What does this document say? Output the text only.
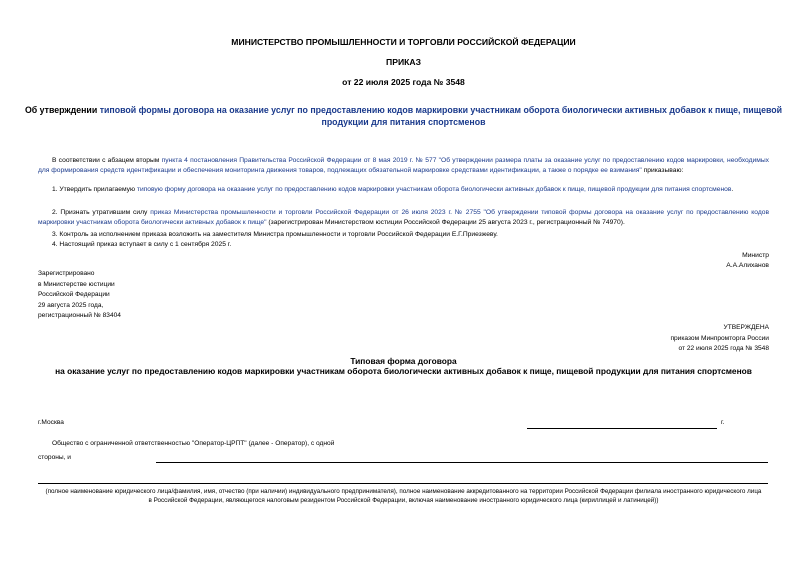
МИНИСТЕРСТВО ПРОМЫШЛЕННОСТИ И ТОРГОВЛИ РОССИЙСКОЙ ФЕДЕРАЦИИ
ПРИКАЗ
от 22 июля 2025 года № 3548
Об утверждении типовой формы договора на оказание услуг по предоставлению кодов маркировки участникам оборота биологически активных добавок к пище, пищевой продукции для питания спортсменов
В соответствии с абзацем вторым пункта 4 постановления Правительства Российской Федерации от 8 мая 2019 г. № 577 "Об утверждении размера платы за оказание услуг по предоставлению кодов маркировки, необходимых для формирования средств идентификации и обеспечения мониторинга движения товаров, подлежащих обязательной маркировке средствами идентификации, а также о порядке ее взимания" приказываю:
1. Утвердить прилагаемую типовую форму договора на оказание услуг по предоставлению кодов маркировки участникам оборота биологически активных добавок к пище, пищевой продукции для питания спортсменов.
2. Признать утратившим силу приказ Министерства промышленности и торговли Российской Федерации от 26 июля 2023 г. № 2755 "Об утверждении типовой формы договора на оказание услуг по предоставлению кодов маркировки участникам оборота биологически активных добавок к пище" (зарегистрирован Министерством юстиции Российской Федерации 25 августа 2023 г., регистрационный № 74970).
3. Контроль за исполнением приказа возложить на заместителя Министра промышленности и торговли Российской Федерации Е.Г.Приезжеву.
4. Настоящий приказ вступает в силу с 1 сентября 2025 г.
Министр
А.А.Алиханов
Зарегистрировано
в Министерстве юстиции
Российской Федерации
29 августа 2025 года,
регистрационный № 83404
УТВЕРЖДЕНА
приказом Минпромторга России
от 22 июля 2025 года № 3548
Типовая форма договора
на оказание услуг по предоставлению кодов маркировки участникам оборота биологически активных добавок к пище, пищевой продукции для питания спортсменов
г.Москва	г.
Общество с ограниченной ответственностью "Оператор-ЦРПТ" (далее - Оператор), с одной
стороны, и
(полное наименование юридического лица/фамилия, имя, отчество (при наличии) индивидуального предпринимателя), полное наименование аккредитованного на территории Российской Федерации филиала иностранного юридического лица в Российской Федерации, являющегося налоговым резидентом Российской Федерации, включая наименование иностранного юридического лица (кириллицей и латиницей))
